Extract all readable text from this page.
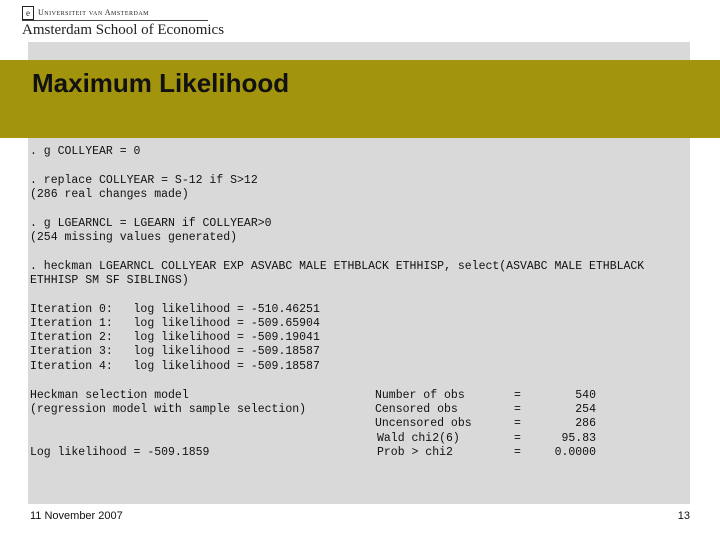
e	Universiteit van Amsterdam
Amsterdam School of Economics
Maximum Likelihood
. g COLLYEAR = 0
. replace COLLYEAR = S-12 if S>12
(286 real changes made)
. g LGEARNCL = LGEARN if COLLYEAR>0
(254 missing values generated)
. heckman LGEARNCL COLLYEAR EXP ASVABC MALE ETHBLACK ETHHISP, select(ASVABC MALE ETHBLACK
ETHHISP SM SF SIBLINGS)
Iteration 0:   log likelihood = -510.46251
Iteration 1:   log likelihood = -509.65904
Iteration 2:   log likelihood = -509.19041
Iteration 3:   log likelihood = -509.18587
Iteration 4:   log likelihood = -509.18587
Heckman selection model
(regression model with sample selection)
Log likelihood = -509.1859
Number of obs
Censored obs
Uncensored obs
Wald chi2(6)
Prob > chi2
=
=
=
=
=
540
254
286
95.83
0.0000
11 November 2007	13
